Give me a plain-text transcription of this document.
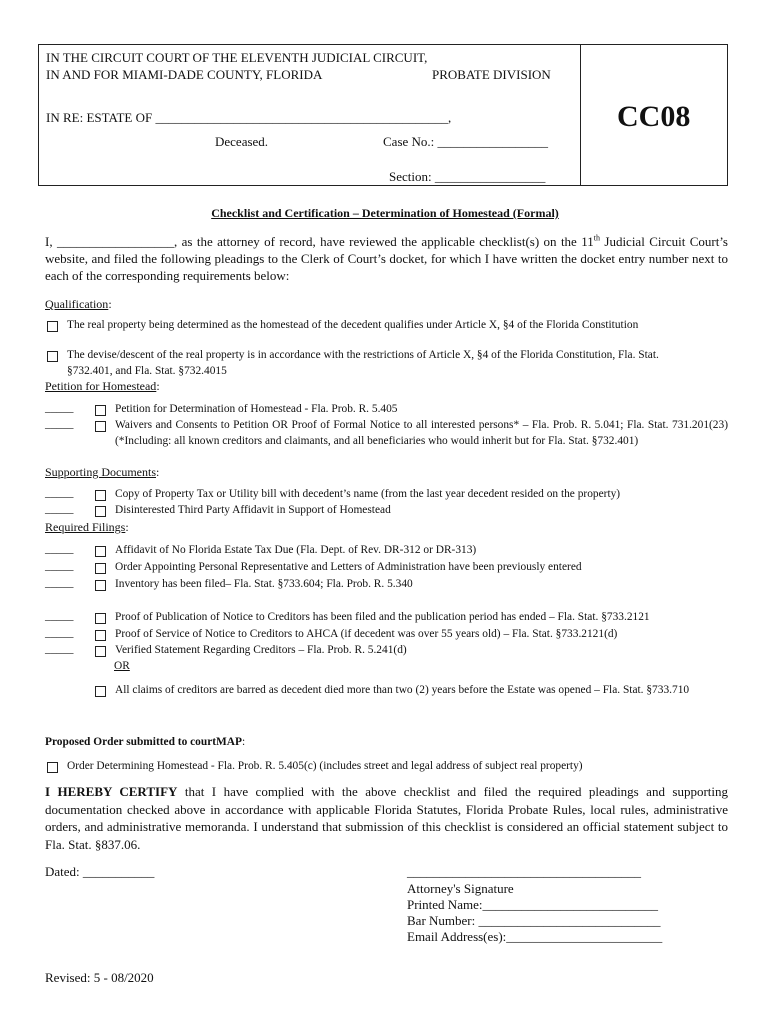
IN THE CIRCUIT COURT OF THE ELEVENTH JUDICIAL CIRCUIT,
IN AND FOR MIAMI-DADE COUNTY, FLORIDA	PROBATE DIVISION
IN RE: ESTATE OF _____________________________________________,
Deceased.	Case No.: _________________
Section: _________________
CC08
Checklist and Certification – Determination of Homestead (Formal)
I, __________________, as the attorney of record, have reviewed the applicable checklist(s) on the 11th Judicial Circuit Court’s website, and filed the following pleadings to the Clerk of Court’s docket, for which I have written the docket entry number next to each of the corresponding requirements below:
Qualification:
The real property being determined as the homestead of the decedent qualifies under Article X, §4 of the Florida Constitution
The devise/descent of the real property is in accordance with the restrictions of Article X, §4 of the Florida Constitution, Fla. Stat. §732.401, and Fla. Stat. §732.4015
Petition for Homestead:
_____	Petition for Determination of Homestead - Fla. Prob. R. 5.405
_____	Waivers and Consents to Petition OR Proof of Formal Notice to all interested persons* – Fla. Prob. R. 5.041; Fla. Stat. 731.201(23) (*Including: all known creditors and claimants, and all beneficiaries who would inherit but for Fla. Stat. §732.401)
Supporting Documents:
_____	Copy of Property Tax or Utility bill with decedent’s name (from the last year decedent resided on the property)
_____	Disinterested Third Party Affidavit in Support of Homestead
Required Filings:
_____	Affidavit of No Florida Estate Tax Due (Fla. Dept. of Rev. DR-312 or DR-313)
_____	Order Appointing Personal Representative and Letters of Administration have been previously entered
_____	Inventory has been filed– Fla. Stat. §733.604; Fla. Prob. R. 5.340
_____	Proof of Publication of Notice to Creditors has been filed and the publication period has ended – Fla. Stat. §733.2121
_____	Proof of Service of Notice to Creditors to AHCA (if decedent was over 55 years old) – Fla. Stat. §733.2121(d)
_____	Verified Statement Regarding Creditors – Fla. Prob. R. 5.241(d)
OR
All claims of creditors are barred as decedent died more than two (2) years before the Estate was opened – Fla. Stat. §733.710
Proposed Order submitted to courtMAP:
Order Determining Homestead - Fla. Prob. R. 5.405(c) (includes street and legal address of subject real property)
I HEREBY CERTIFY that I have complied with the above checklist and filed the required pleadings and supporting documentation checked above in accordance with applicable Florida Statutes, Florida Probate Rules, local rules, administrative orders, and administrative memoranda. I understand that submission of this checklist is considered an official statement subject to Fla. Stat. §837.06.
Dated: ___________	____________________________________
Attorney's Signature
Printed Name:___________________________
Bar Number: ____________________________
Email Address(es):________________________
Revised: 5 - 08/2020
